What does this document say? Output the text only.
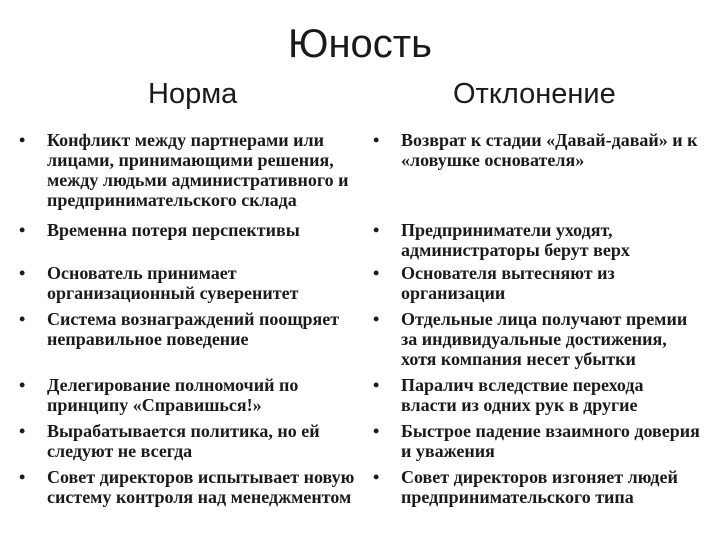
Юность
Норма	Отклонение
• Конфликт между партнерами или лицами, принимающими решения, между людьми административного и предпринимательского склада
• Временна потеря перспективы
• Основатель принимает организационный суверенитет
• Система вознаграждений поощряет неправильное поведение
• Делегирование полномочий по принципу «Справишься!»
• Вырабатывается политика, но ей следуют не всегда
• Совет директоров испытывает новую систему контроля над менеджментом
• Возврат к стадии «Давай-давай» и к «ловушке основателя»
• Предприниматели уходят, администраторы берут верх
• Основателя вытесняют из организации
• Отдельные лица получают премии за индивидуальные достижения, хотя компания несет убытки
• Паралич вследствие перехода власти из одних рук в другие
• Быстрое падение взаимного доверия и уважения
• Совет директоров изгоняет людей предпринимательского типа
